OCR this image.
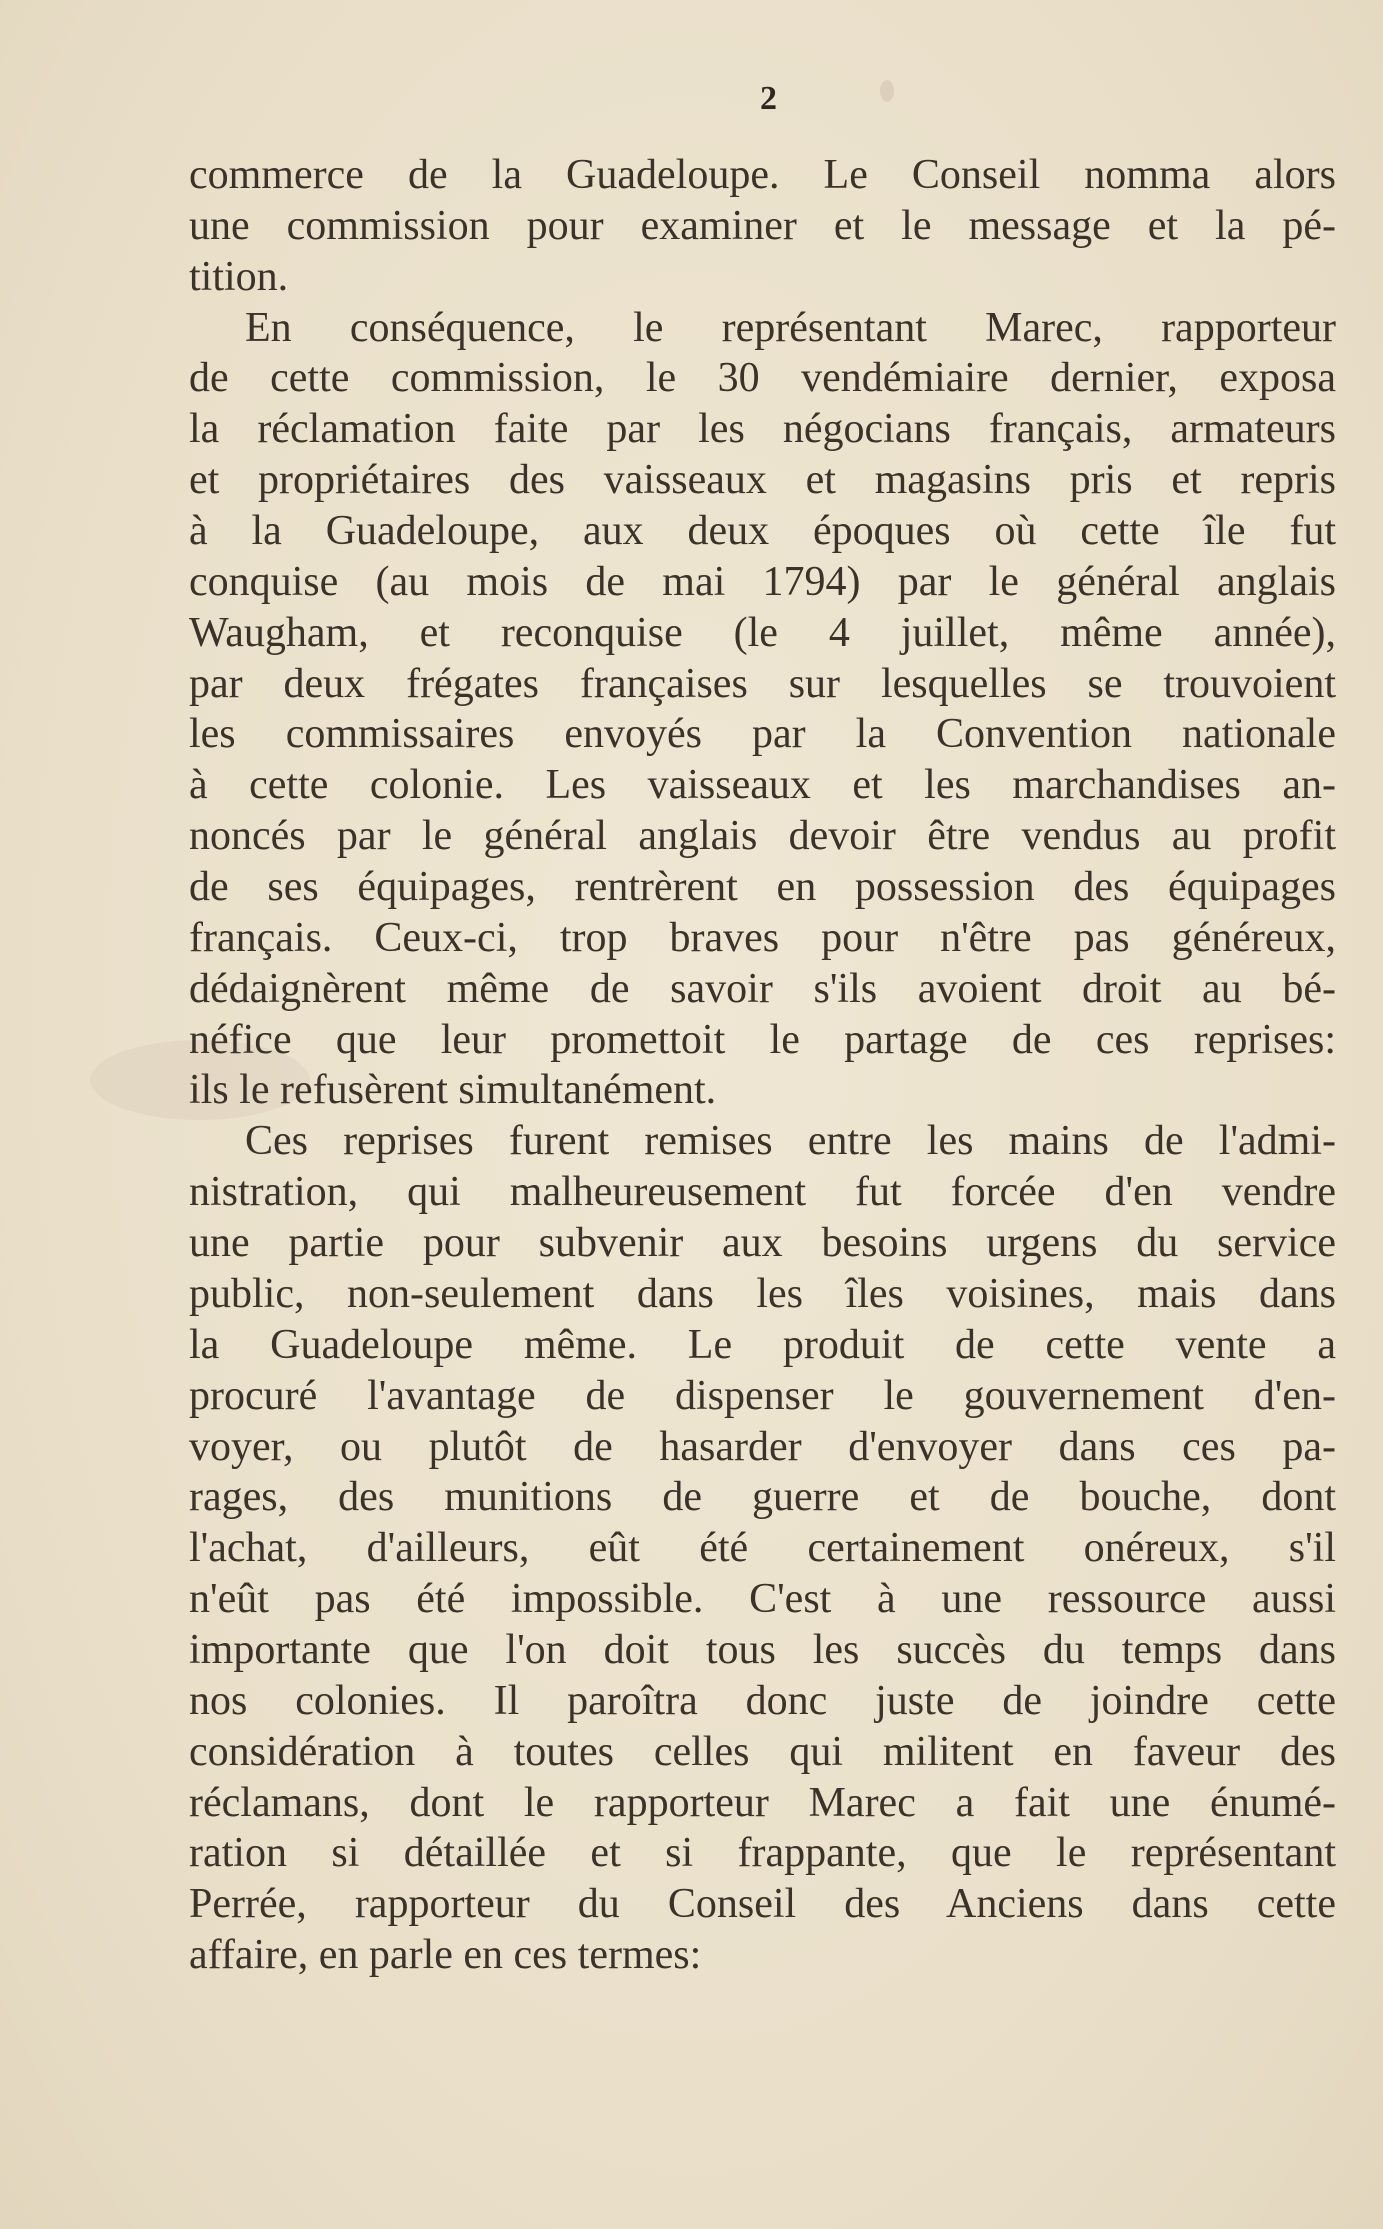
2
commerce de la Guadeloupe. Le Conseil nomma alors
une commission pour examiner et le message et la pé-
tition.
En conséquence, le représentant Marec, rapporteur
de cette commission, le 30 vendémiaire dernier, exposa
la réclamation faite par les négocians français, armateurs
et propriétaires des vaisseaux et magasins pris et repris
à la Guadeloupe, aux deux époques où cette île fut
conquise (au mois de mai 1794) par le général anglais
Waugham, et reconquise (le 4 juillet, même année),
par deux frégates françaises sur lesquelles se trouvoient
les commissaires envoyés par la Convention nationale
à cette colonie. Les vaisseaux et les marchandises an-
noncés par le général anglais devoir être vendus au profit
de ses équipages, rentrèrent en possession des équipages
français. Ceux-ci, trop braves pour n'être pas généreux,
dédaignèrent même de savoir s'ils avoient droit au bé-
néfice que leur promettoit le partage de ces reprises:
ils le refusèrent simultanément.
Ces reprises furent remises entre les mains de l'admi-
nistration, qui malheureusement fut forcée d'en vendre
une partie pour subvenir aux besoins urgens du service
public, non-seulement dans les îles voisines, mais dans
la Guadeloupe même. Le produit de cette vente a
procuré l'avantage de dispenser le gouvernement d'en-
voyer, ou plutôt de hasarder d'envoyer dans ces pa-
rages, des munitions de guerre et de bouche, dont
l'achat, d'ailleurs, eût été certainement onéreux, s'il
n'eût pas été impossible. C'est à une ressource aussi
importante que l'on doit tous les succès du temps dans
nos colonies. Il paroîtra donc juste de joindre cette
considération à toutes celles qui militent en faveur des
réclamans, dont le rapporteur Marec a fait une énumé-
ration si détaillée et si frappante, que le représentant
Perrée, rapporteur du Conseil des Anciens dans cette
affaire, en parle en ces termes:
